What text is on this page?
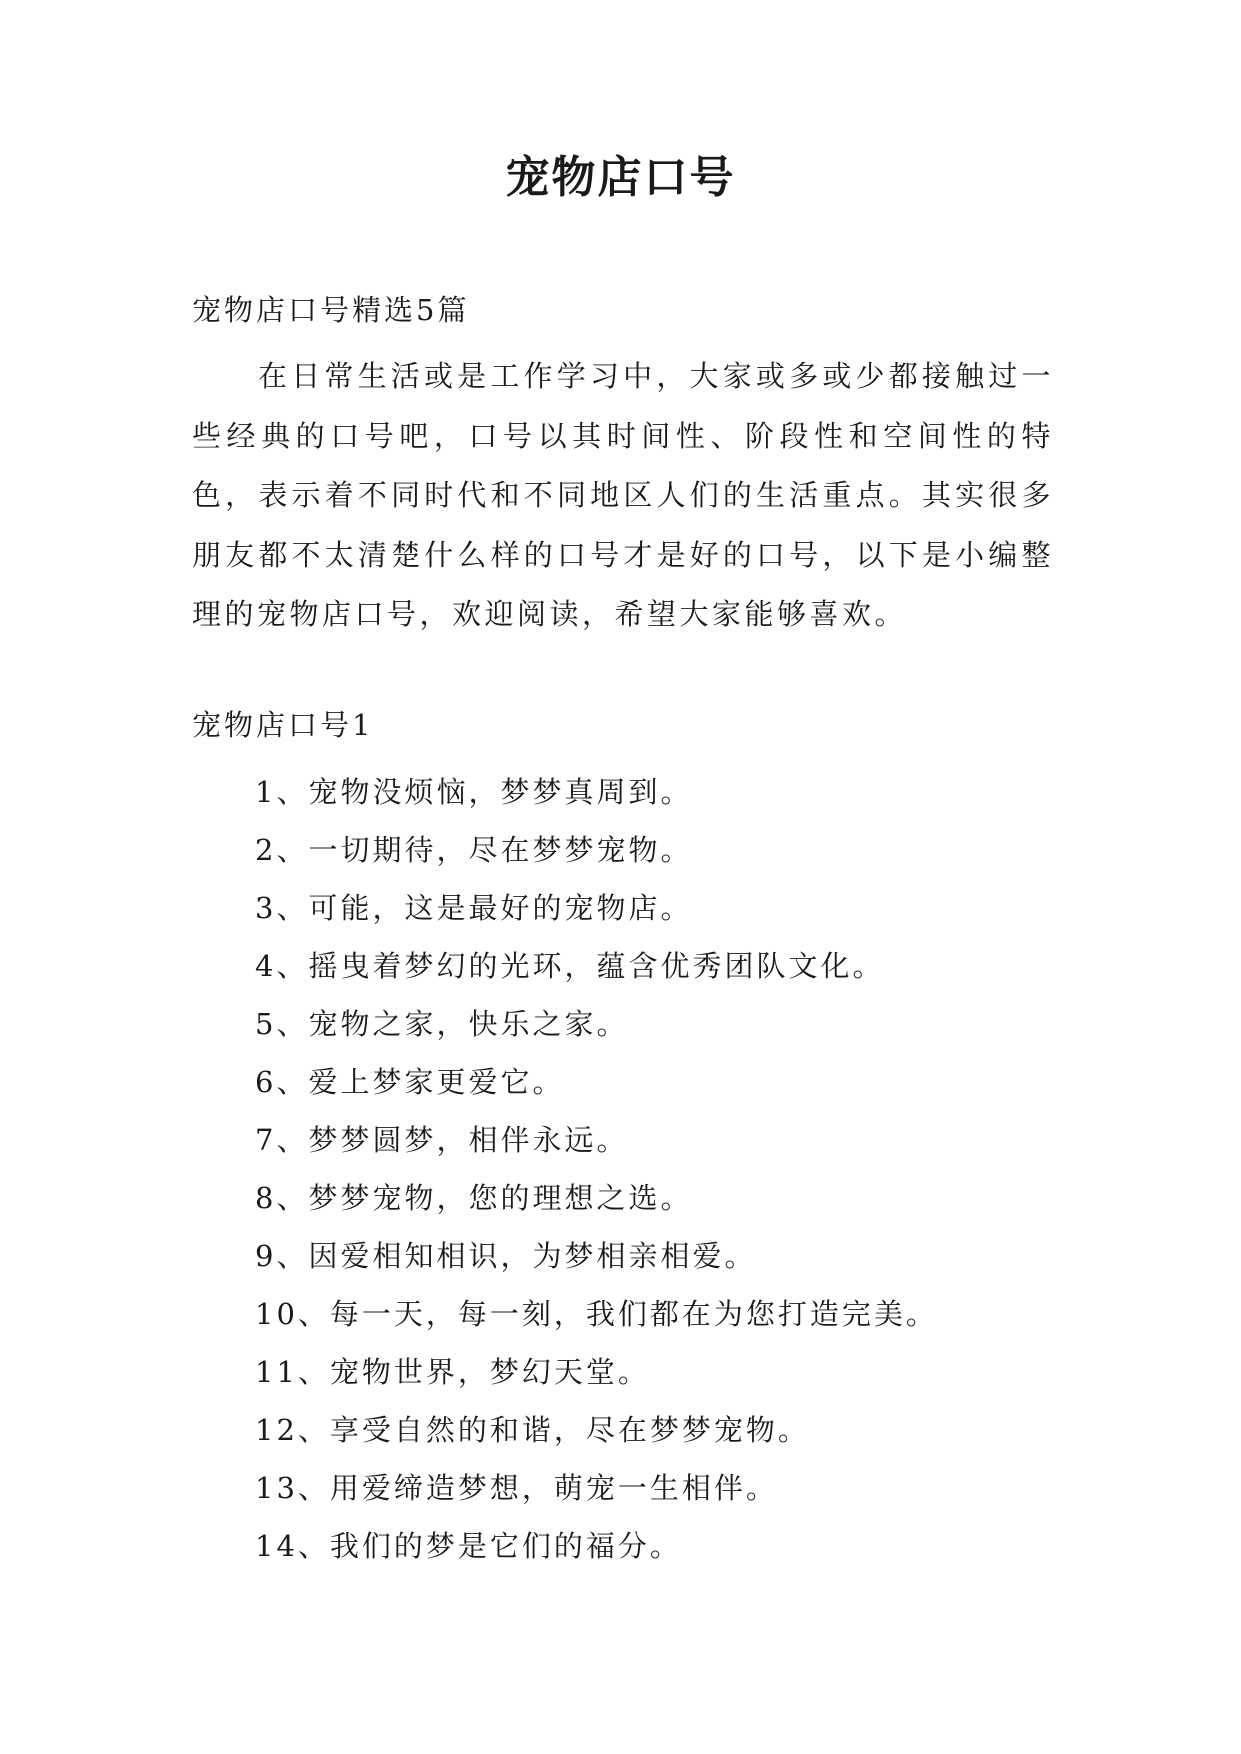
宠物店口号
宠物店口号精选5篇

在日常生活或是工作学习中，大家或多或少都接触过一些经典的口号吧，口号以其时间性、阶段性和空间性的特色，表示着不同时代和不同地区人们的生活重点。其实很多朋友都不太清楚什么样的口号才是好的口号，以下是小编整理的宠物店口号，欢迎阅读，希望大家能够喜欢。

宠物店口号1
1、宠物没烦恼，梦梦真周到。
2、一切期待，尽在梦梦宠物。
3、可能，这是最好的宠物店。
4、摇曳着梦幻的光环，蕴含优秀团队文化。
5、宠物之家，快乐之家。
6、爱上梦家更爱它。
7、梦梦圆梦，相伴永远。
8、梦梦宠物，您的理想之选。
9、因爱相知相识，为梦相亲相爱。
10、每一天，每一刻，我们都在为您打造完美。
11、宠物世界，梦幻天堂。
12、享受自然的和谐，尽在梦梦宠物。
13、用爱缔造梦想，萌宠一生相伴。
14、我们的梦是它们的福分。
